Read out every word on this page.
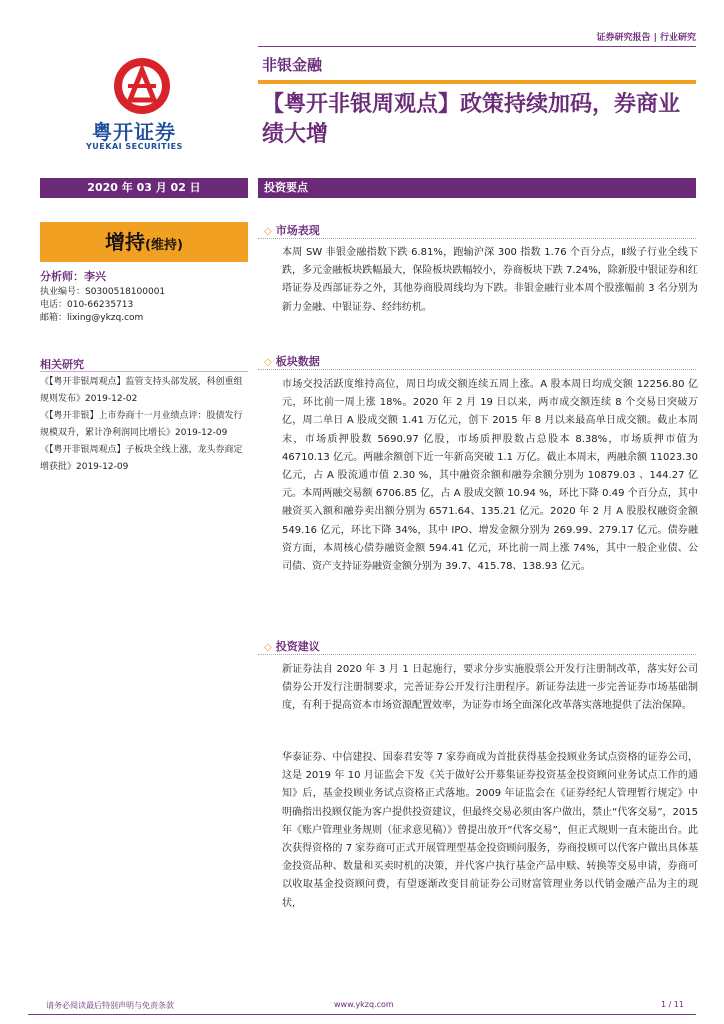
证券研究报告 | 行业研究
粤开证券
YUEKAI SECURITIES
非银金融
【粤开非银周观点】政策持续加码，券商业绩大增
2020 年 03 月 02 日	投资要点
增持(维持)
分析师：李兴
执业编号：S0300518100001
电话：010-66235713
邮箱：lixing@ykzq.com
相关研究
《【粤开非银周观点】监管支持头部发展，科创重组规则发布》2019-12-02
《【粤开非银】上市券商十一月业绩点评：股债发行规模双升，累计净利润同比增长》2019-12-09
《【粤开非银周观点】子板块全线上涨，龙头券商定增获批》2019-12-09
◇ 市场表现
本周 SW 非银金融指数下跌 6.81%，跑输沪深 300 指数 1.76 个百分点，Ⅱ级子行业全线下跌，多元金融板块跌幅最大，保险板块跌幅较小，券商板块下跌 7.24%，除新股中银证券和红塔证券及西部证券之外，其他券商股周线均为下跌。非银金融行业本周个股涨幅前 3 名分别为新力金融、中银证券、经纬纺机。
◇ 板块数据
市场交投活跃度维持高位，周日均成交额连续五周上涨。A 股本周日均成交额 12256.80 亿元，环比前一周上涨 18%。2020 年 2 月 19 日以来，两市成交额连续 8 个交易日突破万亿，周二单日 A 股成交额 1.41 万亿元，创下 2015 年 8 月以来最高单日成交额。截止本周末，市场质押股数 5690.97 亿股，市场质押股数占总股本 8.38%，市场质押市值为 46710.13 亿元。两融余额创下近一年新高突破 1.1 万亿。截止本周末，两融余额 11023.30 亿元，占 A 股流通市值 2.30 %，其中融资余额和融券余额分别为 10879.03 、144.27 亿元。本周两融交易额 6706.85 亿，占 A 股成交额 10.94 %，环比下降 0.49 个百分点，其中融资买入额和融券卖出额分别为 6571.64、135.21 亿元。2020 年 2 月 A 股股权融资金额 549.16 亿元，环比下降 34%，其中 IPO、增发金额分别为 269.99、279.17 亿元。债券融资方面，本周核心债券融资金额 594.41 亿元，环比前一周上涨 74%，其中一般企业债、公司债、资产支持证券融资金额分别为 39.7、415.78、138.93 亿元。
◇ 投资建议
新证券法自 2020 年 3 月 1 日起施行，要求分步实施股票公开发行注册制改革，落实好公司债券公开发行注册制要求，完善证券公开发行注册程序。新证券法进一步完善证券市场基础制度，有利于提高资本市场资源配置效率，为证券市场全面深化改革落实落地提供了法治保障。
华泰证券、中信建投、国泰君安等 7 家券商成为首批获得基金投顾业务试点资格的证券公司，这是 2019 年 10 月证监会下发《关于做好公开募集证券投资基金投资顾问业务试点工作的通知》后，基金投顾业务试点资格正式落地。2009 年证监会在《证券经纪人管理暂行规定》中明确指出投顾仅能为客户提供投资建议，但最终交易必须由客户做出，禁止“代客交易”，2015 年《账户管理业务规则（征求意见稿）》曾提出放开“代客交易”，但正式规则一直未能出台。此次获得资格的 7 家券商可正式开展管理型基金投资顾问服务，券商投顾可以代客户做出具体基金投资品种、数量和买卖时机的决策，并代客户执行基金产品申赎、转换等交易申请，券商可以收取基金投资顾问费，有望逐渐改变目前证券公司财富管理业务以代销金融产品为主的现状，
请务必阅读最后特别声明与免责条款	www.ykzq.com	1 / 11
